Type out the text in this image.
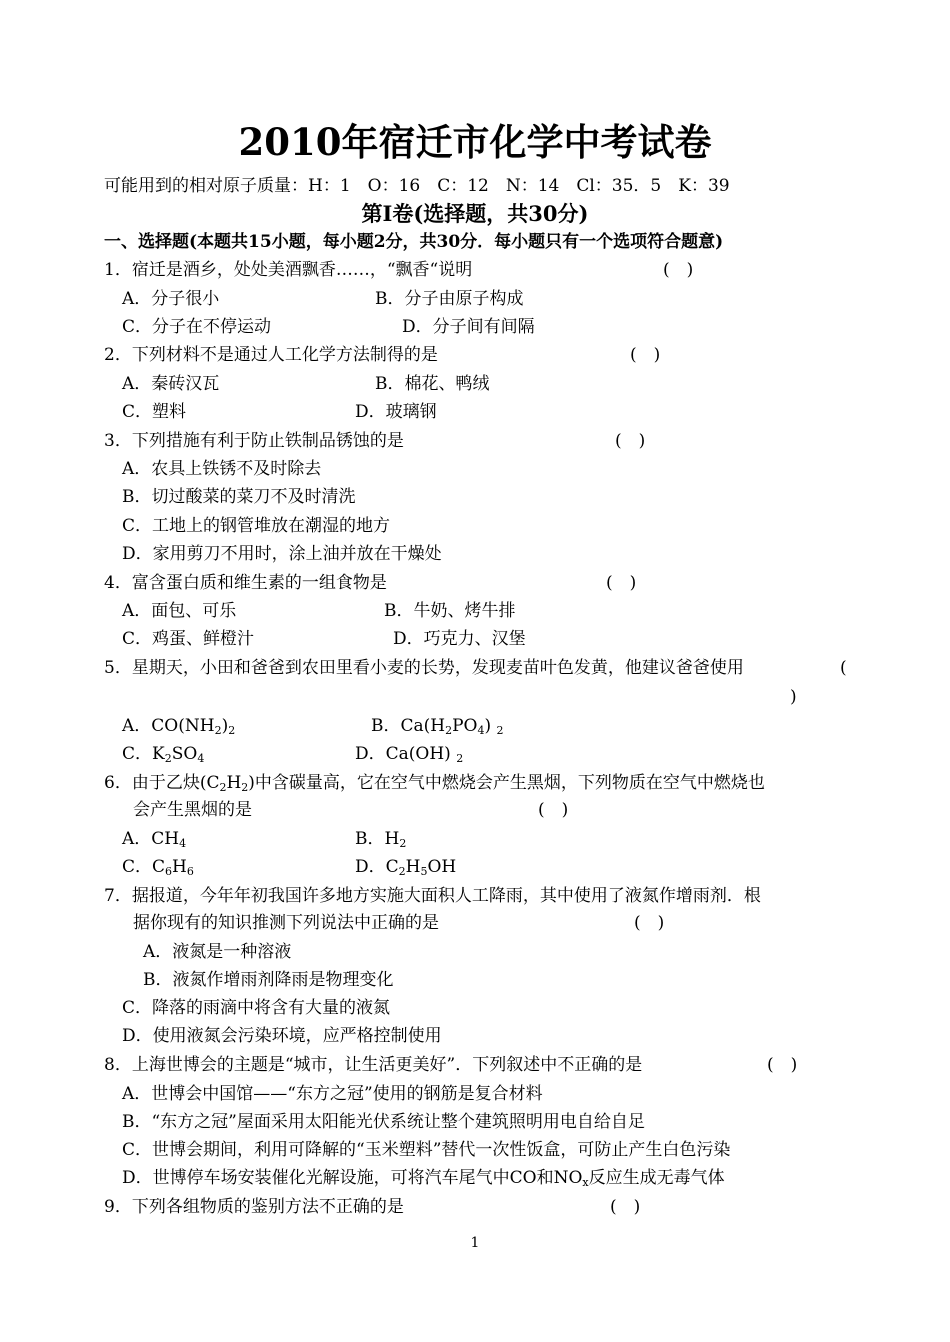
2010年宿迁市化学中考试卷
可能用到的相对原子质量：H：1　O：16　C：12　N：14　Cl：35．5　K：39
第Ⅰ卷(选择题，共30分)
一、选择题(本题共15小题，每小题2分，共30分．每小题只有一个选项符合题意)
1．宿迁是酒乡，处处美酒飘香……，“飘香“说明	(　)
A．分子很小	B．分子由原子构成
C．分子在不停运动	D．分子间有间隔
2．下列材料不是通过人工化学方法制得的是	(　)
A．秦砖汉瓦	B．棉花、鸭绒
C．塑料	D．玻璃钢
3．下列措施有利于防止铁制品锈蚀的是	(　)
A．农具上铁锈不及时除去
B．切过酸菜的菜刀不及时清洗
C．工地上的钢管堆放在潮湿的地方
D．家用剪刀不用时，涂上油并放在干燥处
4．富含蛋白质和维生素的一组食物是	(　)
A．面包、可乐	B．牛奶、烤牛排
C．鸡蛋、鲜橙汁	D．巧克力、汉堡
5．星期天，小田和爸爸到农田里看小麦的长势，发现麦苗叶色发黄，他建议爸爸使用	(
)
A．$CO(NH_2)_2$	B．$Ca(H_2PO_4)$ $_2$
C．$K_2SO_4$	D．Ca(OH) $_2$
6．由于乙炔$(C_2H_2)$中含碳量高，它在空气中燃烧会产生黑烟，下列物质在空气中燃烧也
会产生黑烟的是	(　)
A．$CH_4$	B．$H_2$
C．$C_6H_6$	D．$C_2H_5OH$
7．据报道，今年年初我国许多地方实施大面积人工降雨，其中使用了液氮作增雨剂．根
据你现有的知识推测下列说法中正确的是	(　)
A．液氮是一种溶液
B．液氮作增雨剂降雨是物理变化
C．降落的雨滴中将含有大量的液氮
D．使用液氮会污染环境，应严格控制使用
8．上海世博会的主题是“城市，让生活更美好”．下列叙述中不正确的是	(　)
A．世博会中国馆——“东方之冠”使用的钢筋是复合材料
B．“东方之冠”屋面采用太阳能光伏系统让整个建筑照明用电自给自足
C．世博会期间，利用可降解的“玉米塑料”替代一次性饭盒，可防止产生白色污染
D．世博停车场安装催化光解设施，可将汽车尾气中CO和$NO_x$反应生成无毒气体
9．下列各组物质的鉴别方法不正确的是	(　)
1
